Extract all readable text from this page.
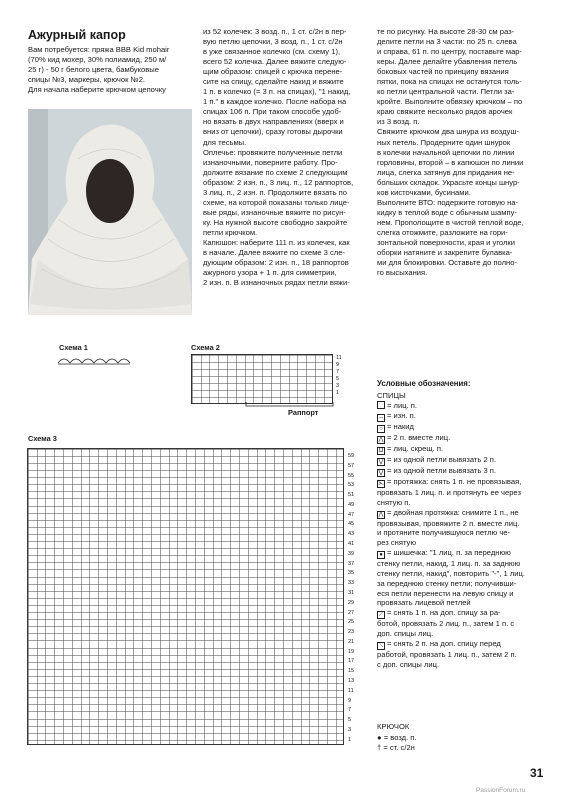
Ажурный капор
Вам потребуется: пряжа BBB Kid mohair
(70% кид мохер, 30% полиамид, 250 м/
25 г) - 50 г белого цвета, бамбуковые
спицы №3, маркеры, крючок №2.
Для начала наберите крючком цепочку
из 52 колечек: 3 возд. п., 1 ст. с/2н в пер-
вую петлю цепочки, 3 возд. п., 1 ст. с/2н
в уже связанное колечко (см. схему 1),
всего 52 колечка. Далее вяжите следую-
щим образом: спицей с крючка перене-
сите на спицу, сделайте накид и вяжите
1 п. в колечко (= 3 п. на спицах), "1 накид,
1 п." в каждое колечко. После набора на
спицах 106 п. При таком способе удоб-
но вязать в двух направлениях (вверх и
вниз от цепочки), сразу готовы дырочки
для тесьмы.
Оплечье: провяжите полученные петли
изнаночными, поверните работу. Про-
должите вязание по схеме 2 следующим
образом: 2 изн. п., 3 лиц. п., 12 раппортов,
3 лиц. п., 2 изн. п. Продолжите вязать по
схеме, на которой показаны только лице-
вые ряды, изнаночные вяжите по рисун-
ку. На нужной высоте свободно закройте
петли крючком.
Капюшон: наберите 111 п. из колечек, как
в начале. Далее вяжите по схеме 3 сле-
дующим образом: 2 изн. п., 18 раппортов
ажурного узора + 1 п. для симметрии,
2 изн. п. В изнаночных рядах петли вяжи-
те по рисунку. На высоте 28-30 см раз-
делите петли на 3 части: по 25 п. слева
и справа, 61 п. по центру, поставьте мар-
керы. Далее делайте убавления петель
боковых частей по принципу вязания
пятки, пока на спицах не останутся толь-
ко петли центральной части. Петли за-
кройте. Выполните обвязку крючком – по
краю свяжите несколько рядов арочек
из 3 возд. п.
Свяжите крючком два шнура из воздуш-
ных петель. Продерните один шнурок
в колечки начальной цепочки по линии
горловины, второй – в капюшон по линии
лица, слегка затянув для придания не-
больших складок. Украсьте концы шнур-
ков кисточками, бусинами.
Выполните ВТО: подержите готовую на-
кидку в теплой воде с обычным шампу-
нем. Прополощите в чистой теплой воде,
слегка отожмите, разложите на гори-
зонтальной поверхности, края и уголки
оборки натяните и закрепите булавка-
ми для блокировки. Оставьте до полно-
го высыхания.
Схема 1	Схема 2
11
9
7
5
3
1
Раппорт
Схема 3
59
57
55
53
51
49
47
45
43
41
39
37
35
33
31
29
27
25
23
21
19
17
15
13
11
9
7
5
3
1
Условные обозначения:
СПИЦЫ
= лиц. п.
– = изн. п.
○ = накид
⋀ = 2 п. вместе лиц.
Ω = лиц. скрещ. п.
⋁ = из одной петли вывязать 2 п.
⋁ = из одной петли вывязать 3 п.
⋋ = протяжка: снять 1 п. не провязывая,
провязать 1 лиц. п. и протянуть ее через
снятую п.
⋀ = двойная протяжка: снимите 1 п., не
провязывая, провяжите 2 п. вместе лиц.
и протяните получившуюся петлю че-
рез снятую
● = шишечка: "1 лиц. п. за переднюю
стенку петли, накид, 1 лиц. п. за заднюю
стенку петли, накид", повторить "-", 1 лиц.
за переднюю стенку петли; получивши-
еся петли перенести на левую спицу и
провязать лицевой петлей
⟋ = снять 1 п. на доп. спицу за ра-
ботой, провязать 2 лиц. п., затем 1 п. с
доп. спицы лиц.
⟍ = снять 2 п. на доп. спицу перед
работой, провязать 1 лиц. п., затем 2 п.
с доп. спицы лиц.
КРЮЧОК
● = возд. п.
† = ст. с/2н
31
PassionForum.ru
